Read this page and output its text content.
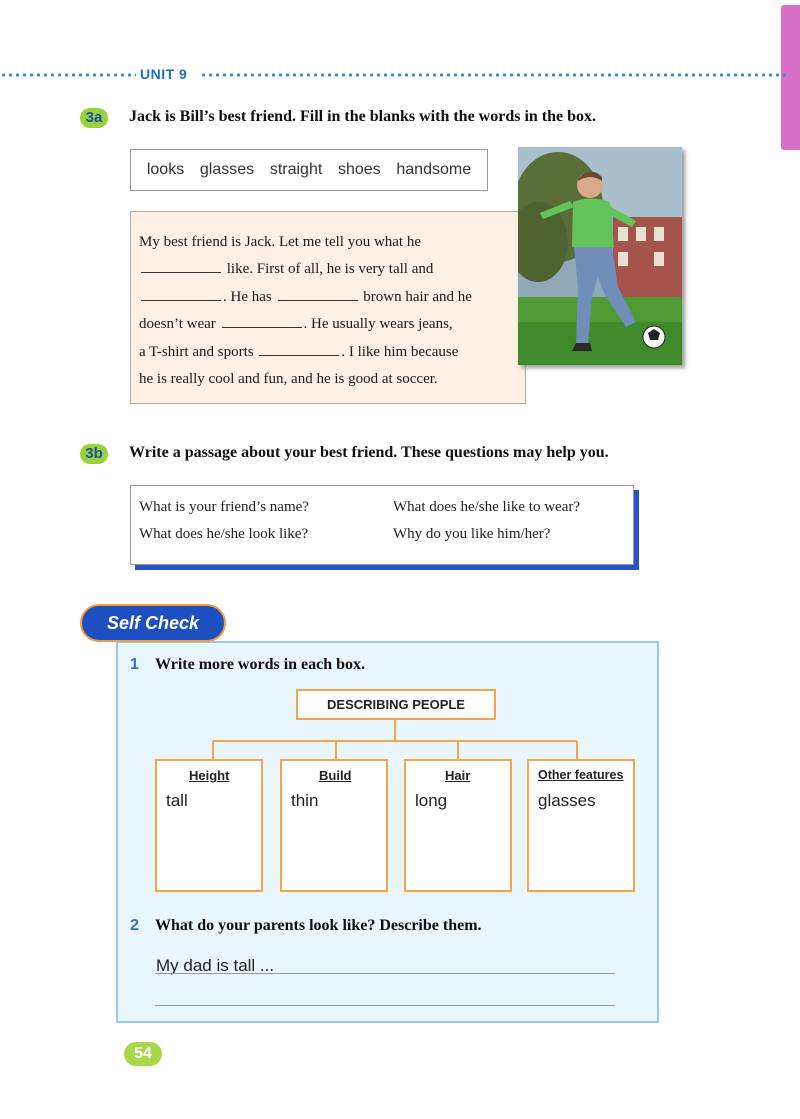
UNIT 9
3a	Jack is Bill’s best friend. Fill in the blanks with the words in the box.
looks glasses straight shoes handsome
My best friend is Jack. Let me tell you what he
like. First of all, he is very tall and
. He has	brown hair and he
doesn’t wear	. He usually wears jeans,
a T-shirt and sports	. I like him because
he is really cool and fun, and he is good at soccer.
3b	Write a passage about your best friend. These questions may help you.
What is your friend’s name?	What does he/she like to wear?
What does he/she look like?	Why do you like him/her?
Self Check
1 Write more words in each box.
DESCRIBING PEOPLE
Height
tall
Build
thin
Hair
long
Other features
glasses
2 What do your parents look like? Describe them.
My dad is tall ...
54
